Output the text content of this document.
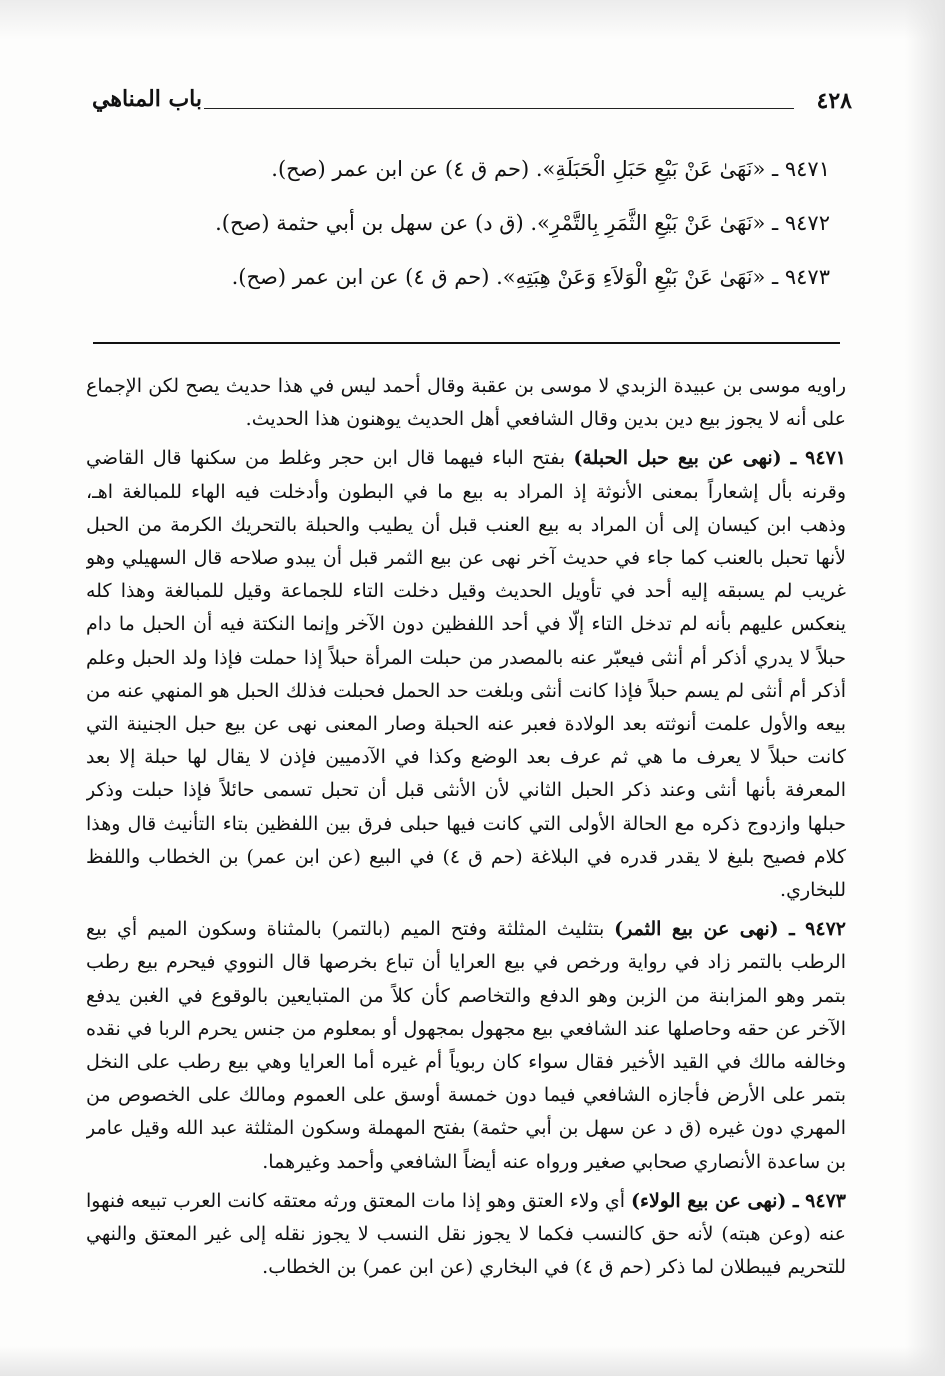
٤٢٨
باب المناهي
٩٤٧١ ـ «نَهَىٰ عَنْ بَيْعِ حَبَلِ الْحَبَلَةِ». (حم ق ٤) عن ابن عمر (صح).
٩٤٧٢ ـ «نَهَىٰ عَنْ بَيْعِ الثَّمَرِ بِالتَّمْرِ». (ق د) عن سهل بن أبي حثمة (صح).
٩٤٧٣ ـ «نَهَىٰ عَنْ بَيْعِ الْوَلاَءِ وَعَنْ هِبَتِهِ». (حم ق ٤) عن ابن عمر (صح).

راويه موسى بن عبيدة الزبدي لا موسى بن عقبة وقال أحمد ليس في هذا حديث يصح لكن الإجماع على أنه لا يجوز بيع دين بدين وقال الشافعي أهل الحديث يوهنون هذا الحديث.

٩٤٧١ ـ (نهى عن بيع حبل الحبلة) بفتح الباء فيهما قال ابن حجر وغلط من سكنها قال القاضي وقرنه بأل إشعاراً بمعنى الأنوثة إذ المراد به بيع ما في البطون وأدخلت فيه الهاء للمبالغة اهـ، وذهب ابن كيسان إلى أن المراد به بيع العنب قبل أن يطيب والحبلة بالتحريك الكرمة من الحبل لأنها تحبل بالعنب كما جاء في حديث آخر نهى عن بيع الثمر قبل أن يبدو صلاحه قال السهيلي وهو غريب لم يسبقه إليه أحد في تأويل الحديث وقيل دخلت التاء للجماعة وقيل للمبالغة وهذا كله ينعكس عليهم بأنه لم تدخل التاء إلّا في أحد اللفظين دون الآخر وإنما النكتة فيه أن الحبل ما دام حبلاً لا يدري أذكر أم أنثى فيعبّر عنه بالمصدر من حبلت المرأة حبلاً إذا حملت فإذا ولد الحبل وعلم أذكر أم أنثى لم يسم حبلاً فإذا كانت أنثى وبلغت حد الحمل فحبلت فذلك الحبل هو المنهي عنه من بيعه والأول علمت أنوثته بعد الولادة فعبر عنه الحبلة وصار المعنى نهى عن بيع حبل الجنينة التي كانت حبلاً لا يعرف ما هي ثم عرف بعد الوضع وكذا في الآدميين فإذن لا يقال لها حبلة إلا بعد المعرفة بأنها أنثى وعند ذكر الحبل الثاني لأن الأنثى قبل أن تحبل تسمى حائلاً فإذا حبلت وذكر حبلها وازدوج ذكره مع الحالة الأولى التي كانت فيها حبلى فرق بين اللفظين بتاء التأنيث قال وهذا كلام فصيح بليغ لا يقدر قدره في البلاغة (حم ق ٤) في البيع (عن ابن عمر) بن الخطاب واللفظ للبخاري.

٩٤٧٢ ـ (نهى عن بيع الثمر) بتثليث المثلثة وفتح الميم (بالتمر) بالمثناة وسكون الميم أي بيع الرطب بالتمر زاد في رواية ورخص في بيع العرايا أن تباع بخرصها قال النووي فيحرم بيع رطب بتمر وهو المزابنة من الزبن وهو الدفع والتخاصم كأن كلاً من المتبايعين بالوقوع في الغبن يدفع الآخر عن حقه وحاصلها عند الشافعي بيع مجهول بمجهول أو بمعلوم من جنس يحرم الربا في نقده وخالفه مالك في القيد الأخير فقال سواء كان ربوياً أم غيره أما العرايا وهي بيع رطب على النخل بتمر على الأرض فأجازه الشافعي فيما دون خمسة أوسق على العموم ومالك على الخصوص من المهري دون غيره (ق د عن سهل بن أبي حثمة) بفتح المهملة وسكون المثلثة عبد الله وقيل عامر بن ساعدة الأنصاري صحابي صغير ورواه عنه أيضاً الشافعي وأحمد وغيرهما.

٩٤٧٣ ـ (نهى عن بيع الولاء) أي ولاء العتق وهو إذا مات المعتق ورثه معتقه كانت العرب تبيعه فنهوا عنه (وعن هبته) لأنه حق كالنسب فكما لا يجوز نقل النسب لا يجوز نقله إلى غير المعتق والنهي للتحريم فيبطلان لما ذكر (حم ق ٤) في البخاري (عن ابن عمر) بن الخطاب.
